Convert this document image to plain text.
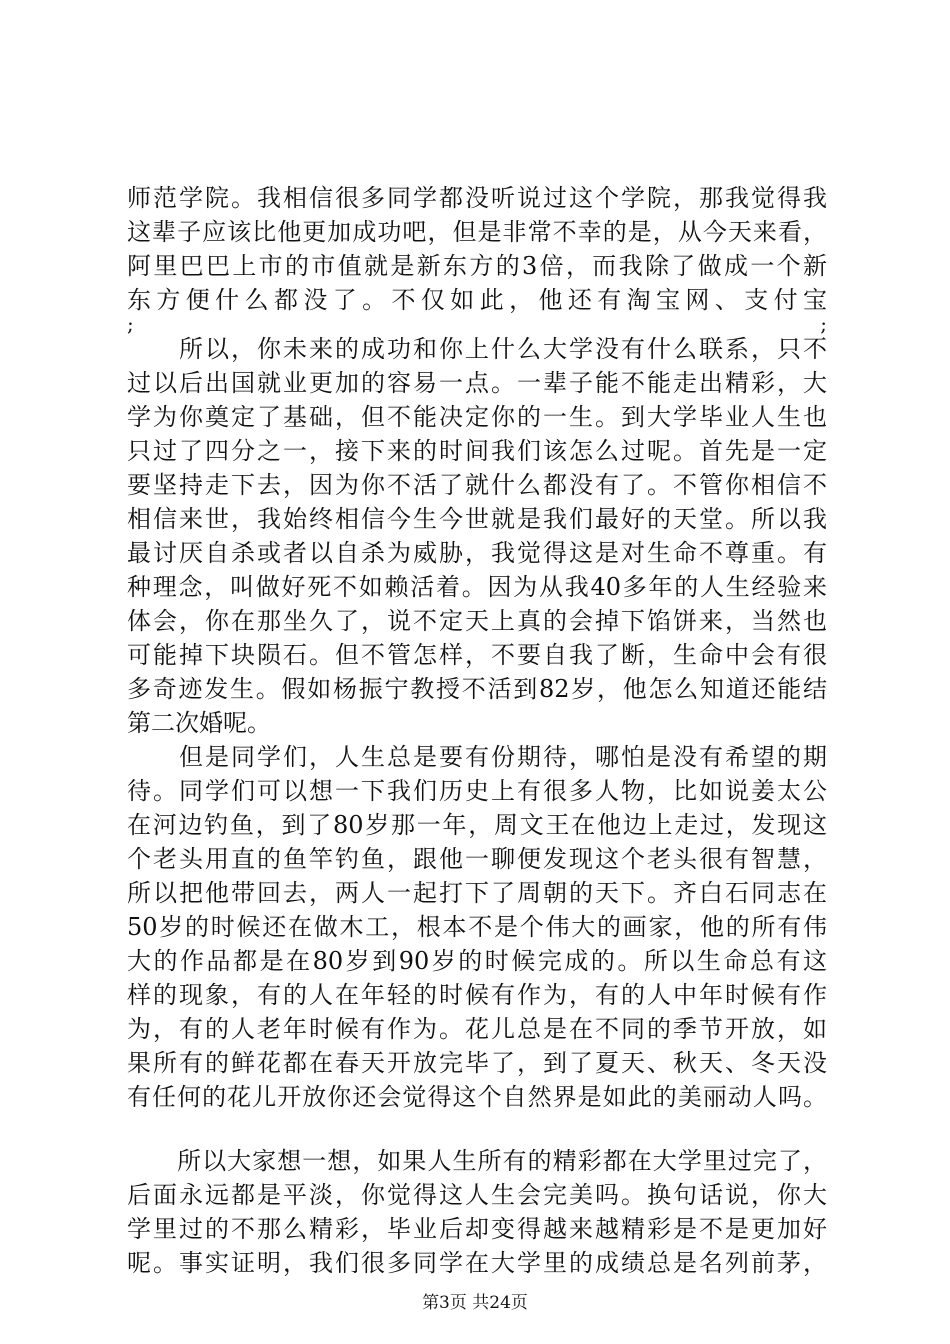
师范学院。我相信很多同学都没听说过这个学院，那我觉得我
这辈子应该比他更加成功吧，但是非常不幸的是，从今天来看，
阿里巴巴上市的市值就是新东方的3倍，而我除了做成一个新
东方便什么都没了。不仅如此，他还有淘宝网、支付宝
; ;
　　所以，你未来的成功和你上什么大学没有什么联系，只不
过以后出国就业更加的容易一点。一辈子能不能走出精彩，大
学为你奠定了基础，但不能决定你的一生。到大学毕业人生也
只过了四分之一，接下来的时间我们该怎么过呢。首先是一定
要坚持走下去，因为你不活了就什么都没有了。不管你相信不
相信来世，我始终相信今生今世就是我们最好的天堂。所以我
最讨厌自杀或者以自杀为威胁，我觉得这是对生命不尊重。有
种理念，叫做好死不如赖活着。因为从我40多年的人生经验来
体会，你在那坐久了，说不定天上真的会掉下馅饼来，当然也
可能掉下块陨石。但不管怎样，不要自我了断，生命中会有很
多奇迹发生。假如杨振宁教授不活到82岁，他怎么知道还能结
第二次婚呢。
　　但是同学们，人生总是要有份期待，哪怕是没有希望的期
待。同学们可以想一下我们历史上有很多人物，比如说姜太公
在河边钓鱼，到了80岁那一年，周文王在他边上走过，发现这
个老头用直的鱼竿钓鱼，跟他一聊便发现这个老头很有智慧，
所以把他带回去，两人一起打下了周朝的天下。齐白石同志在
50岁的时候还在做木工，根本不是个伟大的画家，他的所有伟
大的作品都是在80岁到90岁的时候完成的。所以生命总有这
样的现象，有的人在年轻的时候有作为，有的人中年时候有作
为，有的人老年时候有作为。花儿总是在不同的季节开放，如
果所有的鲜花都在春天开放完毕了，到了夏天、秋天、冬天没
有任何的花儿开放你还会觉得这个自然界是如此的美丽动人吗。
　　所以大家想一想，如果人生所有的精彩都在大学里过完了，
后面永远都是平淡，你觉得这人生会完美吗。换句话说，你大
学里过的不那么精彩，毕业后却变得越来越精彩是不是更加好
呢。事实证明，我们很多同学在大学里的成绩总是名列前茅，
第3页 共24页
